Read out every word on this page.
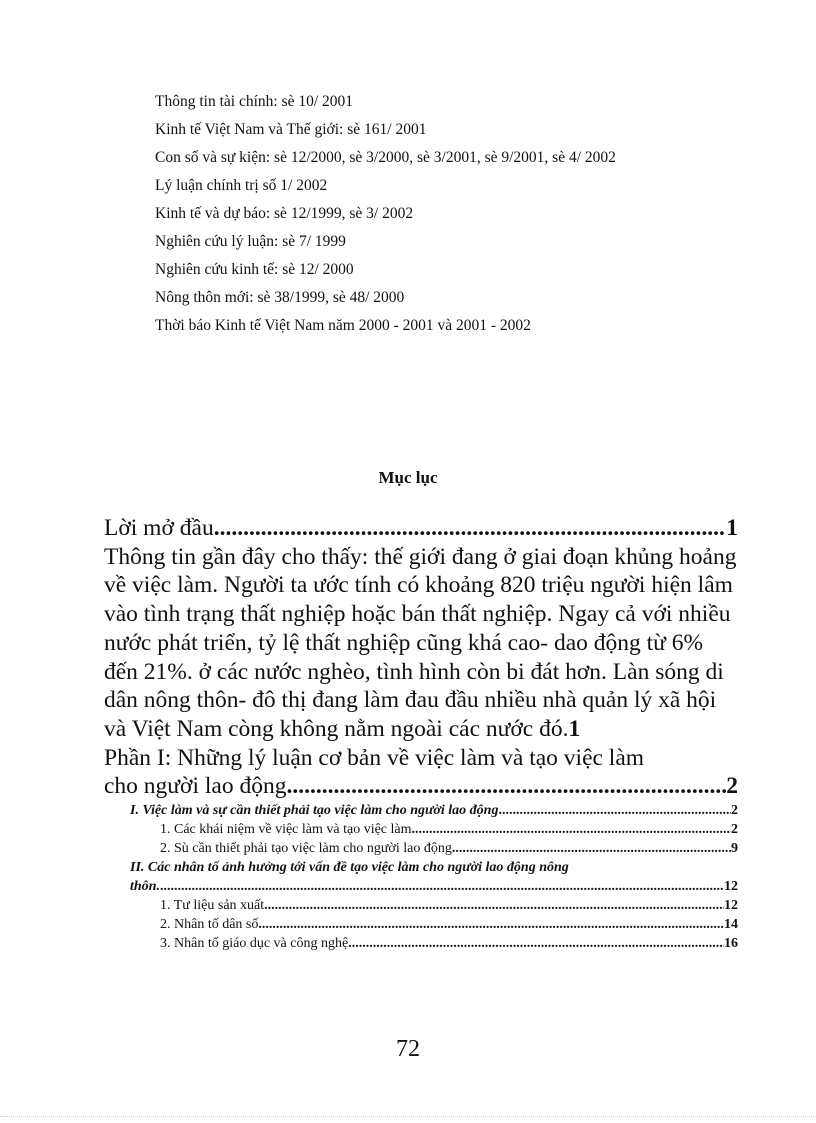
Thông tin tài chính: sè 10/ 2001
Kinh tế Việt Nam và Thế giới: sè 161/ 2001
Con số và sự kiện: sè 12/2000, sè 3/2000, sè 3/2001, sè 9/2001, sè 4/ 2002
Lý luận chính trị số 1/ 2002
Kinh tế và dự báo: sè 12/1999, sè 3/ 2002
Nghiên cứu lý luận: sè 7/ 1999
Nghiên cứu kinh tế: sè 12/ 2000
Nông thôn mới: sè 38/1999, sè 48/ 2000
Thời báo Kinh tế Việt Nam năm 2000 - 2001 và 2001 - 2002
Mục lục
Lời mở đầu .....	1
Thông tin gần đây cho thấy: thế giới đang ở giai đoạn khủng hoảng về việc làm. Người ta ước tính có khoảng 820 triệu người hiện lâm vào tình trạng thất nghiệp hoặc bán thất nghiệp. Ngay cả với nhiều nước phát triển, tỷ lệ thất nghiệp cũng khá cao- dao động từ 6% đến 21%. ở các nước nghèo, tình hình còn bi đát hơn. Làn sóng di dân nông thôn- đô thị đang làm đau đầu nhiều nhà quản lý xã hội và Việt Nam còng không nằm ngoài các nước đó.1
Phần I: Những lý luận cơ bản về việc làm và tạo việc làm
cho người lao động .....	2
I. Việc làm và sự cần thiết phải tạo việc làm cho người lao động .....	2
1. Các khái niệm về việc làm và tạo việc làm .....	2
2. Sù cần thiết phải tạo việc làm cho người lao động .....	9
II. Các nhân tố ảnh hưởng tới vấn đề tạo việc làm cho người lao động nông
thôn. .....	12
1. Tư liệu sản xuất .....	12
2. Nhân tố dân số .....	14
3. Nhân tố giáo dục và công nghệ .....	16
72
